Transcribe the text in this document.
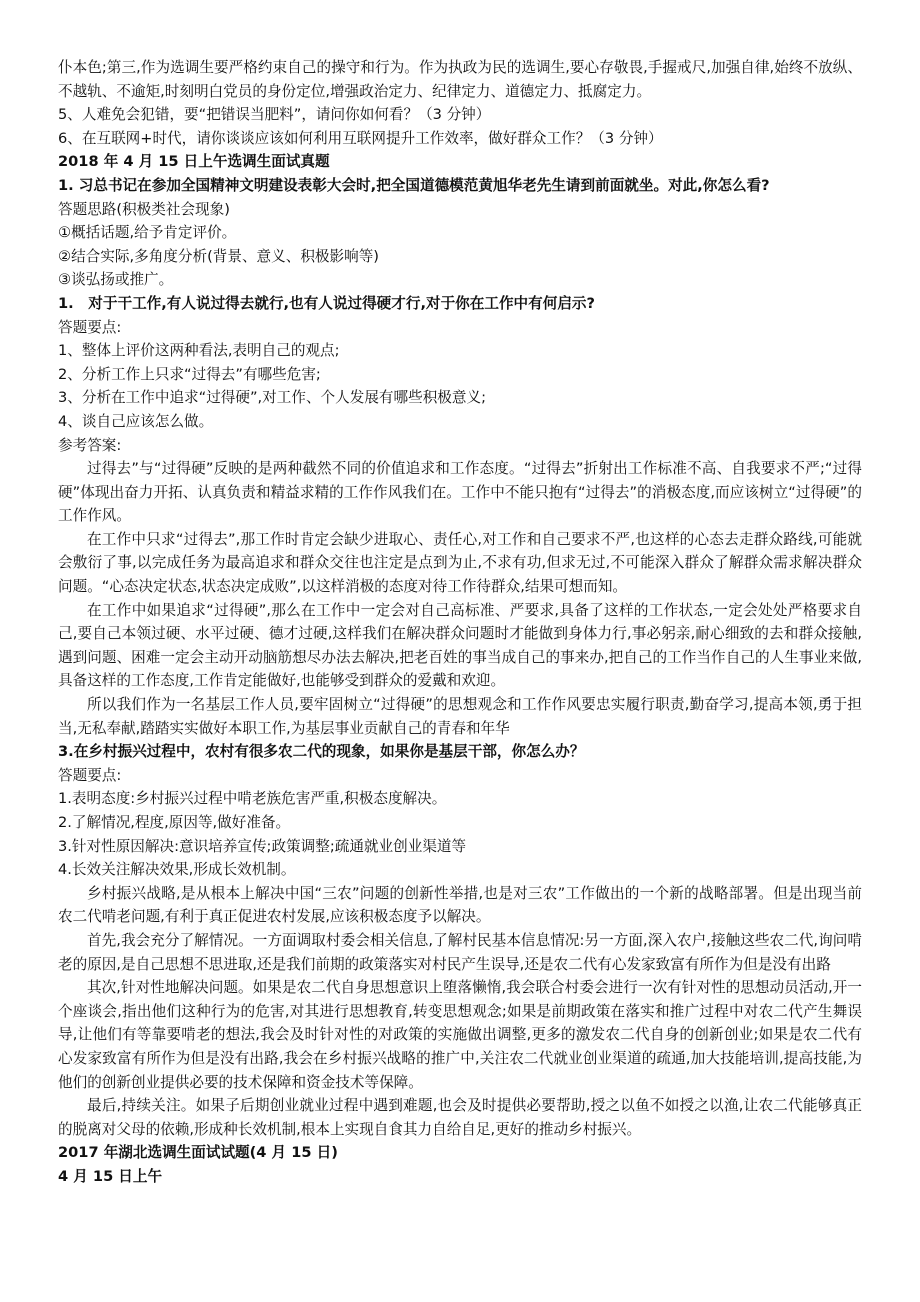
仆本色;第三,作为选调生要严格约束自己的操守和行为。作为执政为民的选调生,要心存敬畏,手握戒尺,加强自律,始终不放纵、不越轨、不逾矩,时刻明白党员的身份定位,增强政治定力、纪律定力、道德定力、抵腐定力。

5、人难免会犯错，要“把错误当肥料”，请问你如何看？（3 分钟）

6、在互联网+时代，请你谈谈应该如何利用互联网提升工作效率，做好群众工作？（3 分钟）

2018 年 4 月 15 日上午选调生面试真题

1. 习总书记在参加全国精神文明建设表彰大会时,把全国道德模范黄旭华老先生请到前面就坐。对此,你怎么看?

答题思路(积极类社会现象)

①概括话题,给予肯定评价。

②结合实际,多角度分析(背景、意义、积极影响等)

③谈弘扬或推广。

1.　对于干工作,有人说过得去就行,也有人说过得硬才行,对于你在工作中有何启示?

答题要点:

1、整体上评价这两种看法,表明自己的观点;

2、分析工作上只求“过得去”有哪些危害;

3、分析在工作中追求“过得硬”,对工作、个人发展有哪些积极意义;

4、谈自己应该怎么做。

参考答案:

过得去”与“过得硬”反映的是两种截然不同的价值追求和工作态度。“过得去”折射出工作标准不高、自我要求不严;“过得硬”体现出奋力开拓、认真负责和精益求精的工作作风我们在。工作中不能只抱有“过得去”的消极态度,而应该树立“过得硬”的工作作风。

在工作中只求“过得去”,那工作时肯定会缺少进取心、责任心,对工作和自己要求不严,也这样的心态去走群众路线,可能就会敷衍了事,以完成任务为最高追求和群众交往也注定是点到为止,不求有功,但求无过,不可能深入群众了解群众需求解决群众问题。“心态决定状态,状态决定成败”,以这样消极的态度对待工作待群众,结果可想而知。

在工作中如果追求“过得硬”,那么在工作中一定会对自己高标准、严要求,具备了这样的工作状态,一定会处处严格要求自己,要自己本领过硬、水平过硬、德才过硬,这样我们在解决群众问题时才能做到身体力行,事必躬亲,耐心细致的去和群众接触,遇到问题、困难一定会主动开动脑筋想尽办法去解决,把老百姓的事当成自己的事来办,把自己的工作当作自己的人生事业来做,具备这样的工作态度,工作肯定能做好,也能够受到群众的爱戴和欢迎。

所以我们作为一名基层工作人员,要牢固树立“过得硬”的思想观念和工作作风要忠实履行职责,勤奋学习,提高本领,勇于担当,无私奉献,踏踏实实做好本职工作,为基层事业贡献自己的青春和年华

3.在乡村振兴过程中，农村有很多农二代的现象，如果你是基层干部，你怎么办？

答题要点:

1.表明态度:乡村振兴过程中啃老族危害严重,积极态度解决。

2.了解情况,程度,原因等,做好准备。

3.针对性原因解决:意识培养宣传;政策调整;疏通就业创业渠道等

4.长效关注解决效果,形成长效机制。

乡村振兴战略,是从根本上解决中国“三农”问题的创新性举措,也是对三农”工作做出的一个新的战略部署。但是出现当前农二代啃老问题,有利于真正促进农村发展,应该积极态度予以解决。

首先,我会充分了解情况。一方面调取村委会相关信息,了解村民基本信息情况:另一方面,深入农户,接触这些农二代,询问啃老的原因,是自己思想不思进取,还是我们前期的政策落实对村民产生误导,还是农二代有心发家致富有所作为但是没有出路

其次,针对性地解决问题。如果是农二代自身思想意识上堕落懒惰,我会联合村委会进行一次有针对性的思想动员活动,开一个座谈会,指出他们这种行为的危害,对其进行思想教育,转变思想观念;如果是前期政策在落实和推广过程中对农二代产生舞误导,让他们有等靠要啃老的想法,我会及时针对性的对政策的实施做出调整,更多的激发农二代自身的创新创业;如果是农二代有心发家致富有所作为但是没有出路,我会在乡村振兴战略的推广中,关注农二代就业创业渠道的疏通,加大技能培训,提高技能,为他们的创新创业提供必要的技术保障和资金技术等保障。

最后,持续关注。如果子后期创业就业过程中遇到难题,也会及时提供必要帮助,授之以鱼不如授之以渔,让农二代能够真正的脱离对父母的依赖,形成种长效机制,根本上实现自食其力自给自足,更好的推动乡村振兴。

2017 年湖北选调生面试试题(4 月 15 日)

4 月 15 日上午
